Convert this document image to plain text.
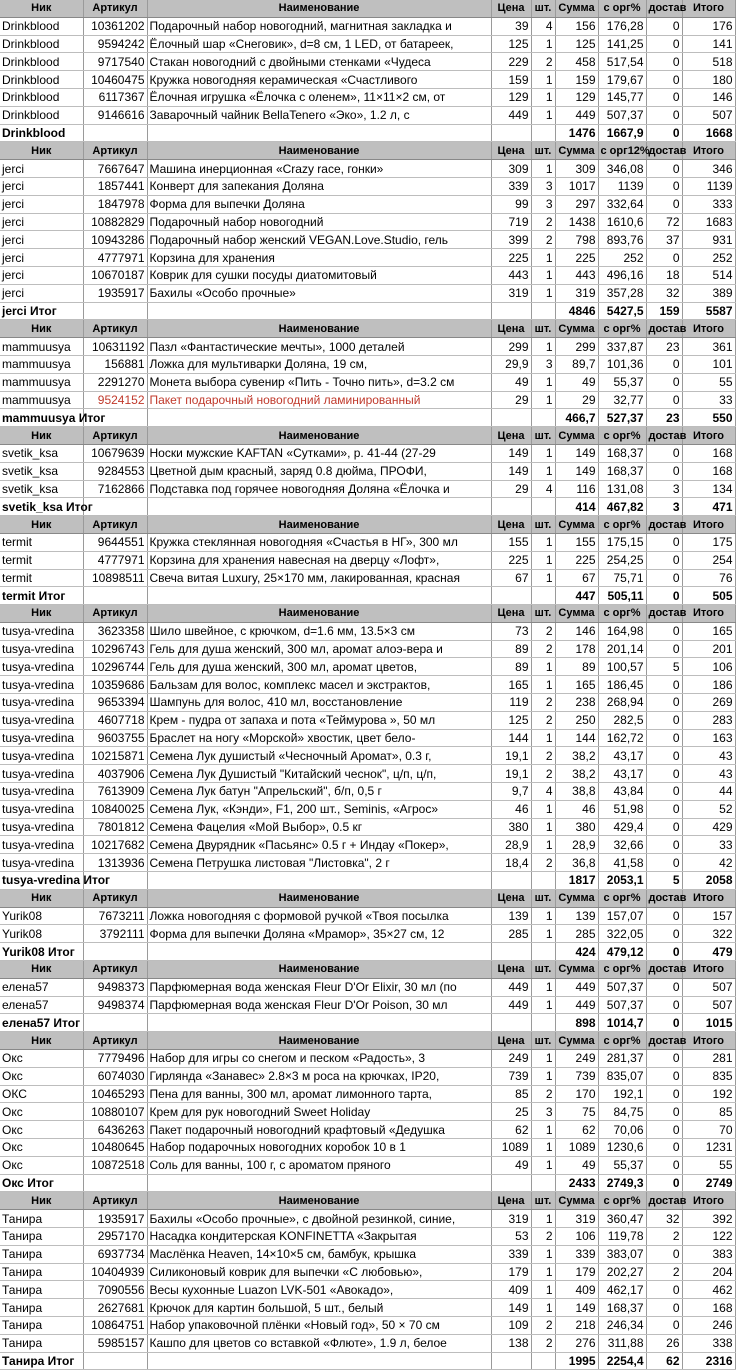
Ник	Артикул	Наименование	Цена	шт.	Сумма	с орг%	достав	Итого
Drinkblood	10361202	Подарочный набор новогодний, магнитная закладка и	39	4	156	176,28	0	176
Drinkblood	9594242	Ёлочный шар «Снеговик», d=8 см, 1 LED, от батареек,	125	1	125	141,25	0	141
Drinkblood	9717540	Стакан новогодний с двойными стенками «Чудеса	229	2	458	517,54	0	518
Drinkblood	10460475	Кружка новогодняя керамическая «Счастливого	159	1	159	179,67	0	180
Drinkblood	6117367	Ёлочная игрушка «Ёлочка с оленем», 11×11×2 см, от	129	1	129	145,77	0	146
Drinkblood	9146616	Заварочный чайник BellaTenero «Эко», 1.2 л, с	449	1	449	507,37	0	507
Drinkblood					1476	1667,9	0	1668
Ник	Артикул	Наименование	Цена	шт.	Сумма	с орг12%	достав	Итого
jerci	7667647	Машина инерционная «Crazy race, гонки»	309	1	309	346,08	0	346
jerci	1857441	Конверт для запекания Доляна	339	3	1017	1139	0	1139
jerci	1847978	Форма для выпечки Доляна	99	3	297	332,64	0	333
jerci	10882829	Подарочный набор новогодний	719	2	1438	1610,6	72	1683
jerci	10943286	Подарочный набор женский VEGAN.Love.Studio, гель	399	2	798	893,76	37	931
jerci	4777971	Корзина для хранения	225	1	225	252	0	252
jerci	10670187	Коврик для сушки посуды диатомитовый	443	1	443	496,16	18	514
jerci	1935917	Бахилы «Особо прочные»	319	1	319	357,28	32	389
jerci Итог					4846	5427,5	159	5587
Ник	Артикул	Наименование	Цена	шт.	Сумма	с орг%	достав	Итого
mammuusya	10631192	Пазл «Фантастические мечты», 1000 деталей	299	1	299	337,87	23	361
mammuusya	156881	Ложка для мультиварки Доляна, 19 см,	29,9	3	89,7	101,36	0	101
mammuusya	2291270	Монета выбора сувенир «Пить - Точно пить», d=3.2 см	49	1	49	55,37	0	55
mammuusya	9524152	Пакет подарочный новогодний ламинированный	29	1	29	32,77	0	33
mammuusya Итог					466,7	527,37	23	550
Ник	Артикул	Наименование	Цена	шт.	Сумма	с орг%	достав	Итого
svetik_ksa	10679639	Носки мужские KAFTAN «Сутками», р. 41-44 (27-29	149	1	149	168,37	0	168
svetik_ksa	9284553	Цветной дым красный, заряд 0.8 дюйма, ПРОФИ,	149	1	149	168,37	0	168
svetik_ksa	7162866	Подставка под горячее новогодняя Доляна «Ёлочка и	29	4	116	131,08	3	134
svetik_ksa Итог					414	467,82	3	471
Ник	Артикул	Наименование	Цена	шт.	Сумма	с орг%	достав	Итого
termit	9644551	Кружка стеклянная новогодняя «Счастья в НГ», 300 мл	155	1	155	175,15	0	175
termit	4777971	Корзина для хранения навесная на дверцу «Лофт»,	225	1	225	254,25	0	254
termit	10898511	Свеча витая Luxury, 25×170 мм, лакированная, красная	67	1	67	75,71	0	76
termit Итог					447	505,11	0	505
Ник	Артикул	Наименование	Цена	шт.	Сумма	с орг%	достав	Итого
tusya-vredina	3623358	Шило швейное, с крючком, d=1.6 мм, 13.5×3 см	73	2	146	164,98	0	165
tusya-vredina	10296743	Гель для душа женский, 300 мл, аромат алоэ-вера и	89	2	178	201,14	0	201
tusya-vredina	10296744	Гель для душа женский, 300 мл, аромат цветов,	89	1	89	100,57	5	106
tusya-vredina	10359686	Бальзам для волос, комплекс масел и экстрактов,	165	1	165	186,45	0	186
tusya-vredina	9653394	Шампунь для волос, 410 мл, восстановление	119	2	238	268,94	0	269
tusya-vredina	4607718	Крем - пудра от запаха и пота «Теймурова », 50 мл	125	2	250	282,5	0	283
tusya-vredina	9603755	Браслет на ногу «Морской» хвостик, цвет бело-	144	1	144	162,72	0	163
tusya-vredina	10215871	Семена Лук душистый «Чесночный Аромат», 0.3 г,	19,1	2	38,2	43,17	0	43
tusya-vredina	4037906	Семена Лук Душистый "Китайский чеснок", ц/п, ц/п,	19,1	2	38,2	43,17	0	43
tusya-vredina	7613909	Семена Лук батун "Апрельский", б/п, 0,5 г	9,7	4	38,8	43,84	0	44
tusya-vredina	10840025	Семена Лук, «Кэнди», F1, 200 шт., Seminis, «Агрос»	46	1	46	51,98	0	52
tusya-vredina	7801812	Семена Фацелия «Мой Выбор», 0.5 кг	380	1	380	429,4	0	429
tusya-vredina	10217682	Семена Двурядник «Пасьянс» 0.5 г + Индау «Покер»,	28,9	1	28,9	32,66	0	33
tusya-vredina	1313936	Семена Петрушка листовая "Листовка", 2 г	18,4	2	36,8	41,58	0	42
tusya-vredina Итог					1817	2053,1	5	2058
Ник	Артикул	Наименование	Цена	шт.	Сумма	с орг%	достав	Итого
Yurik08	7673211	Ложка новогодняя с формовой ручкой «Твоя посылка	139	1	139	157,07	0	157
Yurik08	3792111	Форма для выпечки Доляна «Мрамор», 35×27 см, 12	285	1	285	322,05	0	322
Yurik08 Итог					424	479,12	0	479
Ник	Артикул	Наименование	Цена	шт.	Сумма	с орг%	достав	Итого
елена57	9498373	Парфюмерная вода женская Fleur D'Or Elixir, 30 мл (по	449	1	449	507,37	0	507
елена57	9498374	Парфюмерная вода женская Fleur D'Or Poison, 30 мл	449	1	449	507,37	0	507
елена57 Итог					898	1014,7	0	1015
Ник	Артикул	Наименование	Цена	шт.	Сумма	с орг%	достав	Итого
Окс	7779496	Набор для игры со снегом и песком «Радость», 3	249	1	249	281,37	0	281
Окс	6074030	Гирлянда «Занавес» 2.8×3 м роса на крючках, IP20,	739	1	739	835,07	0	835
ОКС	10465293	Пена для ванны, 300 мл, аромат лимонного тарта,	85	2	170	192,1	0	192
Окс	10880107	Крем для рук новогодний Sweet Holiday	25	3	75	84,75	0	85
Окс	6436263	Пакет подарочный новогодний крафтовый «Дедушка	62	1	62	70,06	0	70
Окс	10480645	Набор подарочных новогодних коробок 10 в 1	1089	1	1089	1230,6	0	1231
Окс	10872518	Соль для ванны, 100 г, с ароматом пряного	49	1	49	55,37	0	55
Окс Итог					2433	2749,3	0	2749
Ник	Артикул	Наименование	Цена	шт.	Сумма	с орг%	достав	Итого
Танира	1935917	Бахилы «Особо прочные», с двойной резинкой, синие,	319	1	319	360,47	32	392
Танира	2957170	Насадка кондитерская KONFINETTA «Закрытая	53	2	106	119,78	2	122
Танира	6937734	Маслёнка Heaven, 14×10×5 см, бамбук, крышка	339	1	339	383,07	0	383
Танира	10404939	Силиконовый коврик для выпечки «С любовью»,	179	1	179	202,27	2	204
Танира	7090556	Весы кухонные Luazon LVK-501 «Авокадо»,	409	1	409	462,17	0	462
Танира	2627681	Крючок для картин большой, 5 шт., белый	149	1	149	168,37	0	168
Танира	10864751	Набор упаковочной плёнки «Новый год», 50 × 70 см	109	2	218	246,34	0	246
Танира	5985157	Кашпо для цветов со вставкой «Флюте», 1.9 л, белое	138	2	276	311,88	26	338
Танира Итог					1995	2254,4	62	2316
